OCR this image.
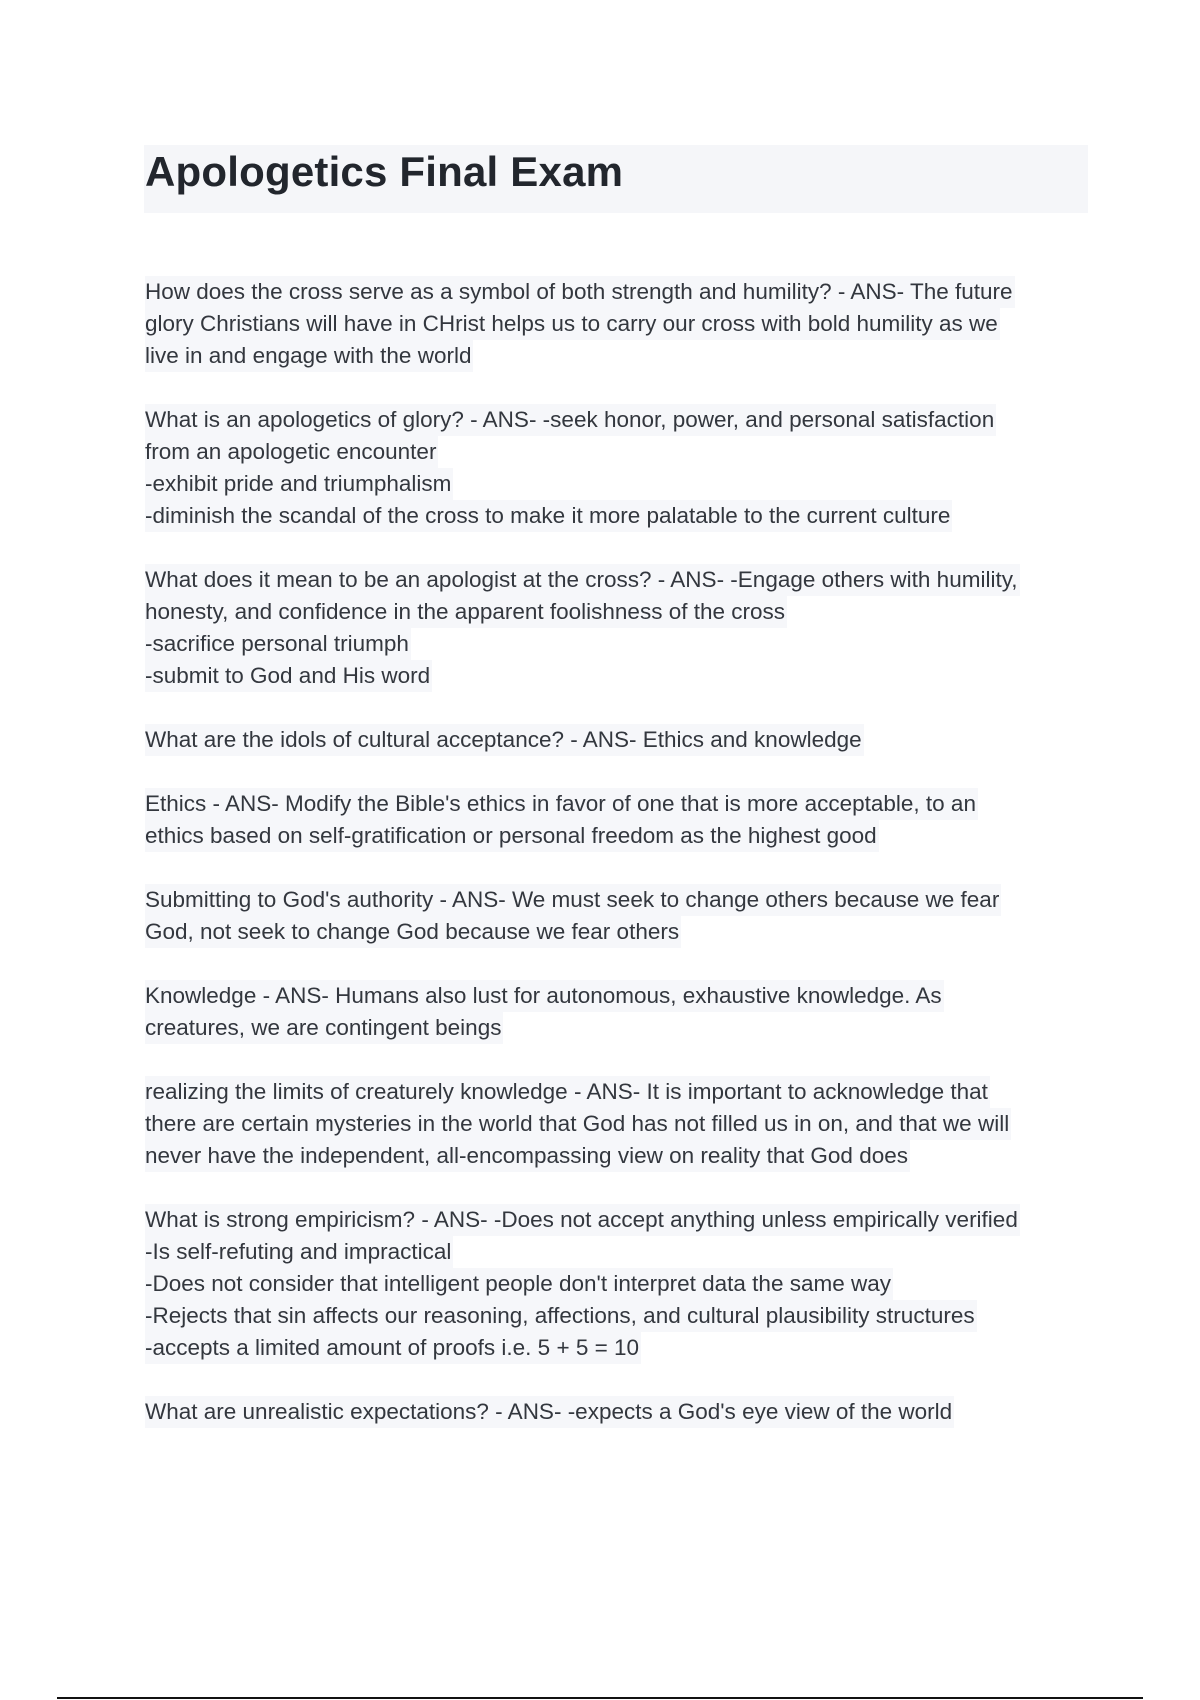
Apologetics Final Exam
How does the cross serve as a symbol of both strength and humility? - ANS- The future
glory Christians will have in CHrist helps us to carry our cross with bold humility as we
live in and engage with the world
What is an apologetics of glory? - ANS- -seek honor, power, and personal satisfaction
from an apologetic encounter
-exhibit pride and triumphalism
-diminish the scandal of the cross to make it more palatable to the current culture
What does it mean to be an apologist at the cross? - ANS- -Engage others with humility,
honesty, and confidence in the apparent foolishness of the cross
-sacrifice personal triumph
-submit to God and His word
What are the idols of cultural acceptance? - ANS- Ethics and knowledge
Ethics - ANS- Modify the Bible's ethics in favor of one that is more acceptable, to an
ethics based on self-gratification or personal freedom as the highest good
Submitting to God's authority - ANS- We must seek to change others because we fear
God, not seek to change God because we fear others
Knowledge - ANS- Humans also lust for autonomous, exhaustive knowledge. As
creatures, we are contingent beings
realizing the limits of creaturely knowledge - ANS- It is important to acknowledge that
there are certain mysteries in the world that God has not filled us in on, and that we will
never have the independent, all-encompassing view on reality that God does
What is strong empiricism? - ANS- -Does not accept anything unless empirically verified
-Is self-refuting and impractical
-Does not consider that intelligent people don't interpret data the same way
-Rejects that sin affects our reasoning, affections, and cultural plausibility structures
-accepts a limited amount of proofs i.e. 5 + 5 = 10
What are unrealistic expectations? - ANS- -expects a God's eye view of the world
